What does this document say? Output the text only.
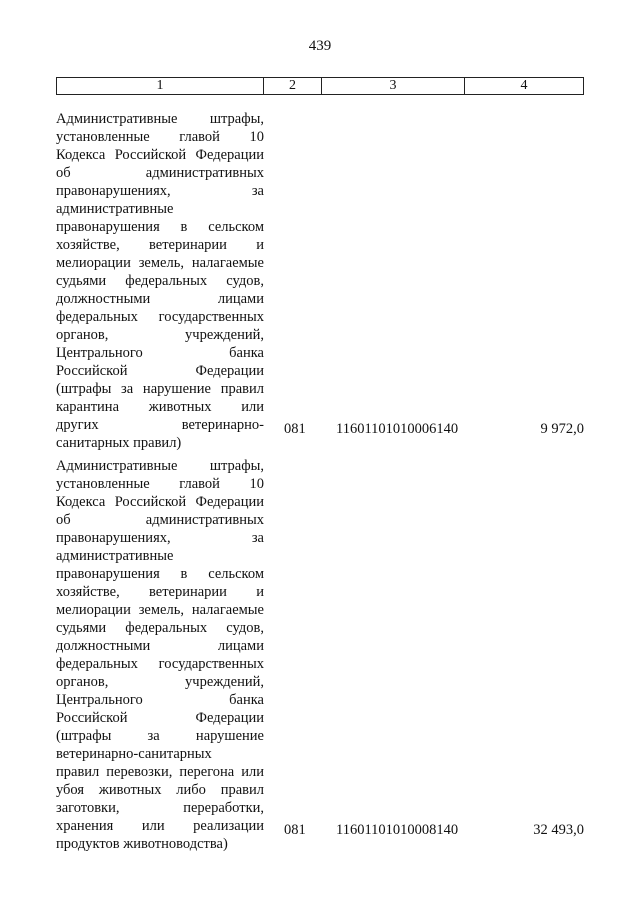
439
1	2	3	4
Административные штрафы,
установленные главой 10
Кодекса Российской Федерации
об административных
правонарушениях, за
административные
правонарушения в сельском
хозяйстве, ветеринарии и
мелиорации земель, налагаемые
судьями федеральных судов,
должностными лицами
федеральных государственных
органов, учреждений,
Центрального банка
Российской Федерации
(штрафы за нарушение правил
карантина животных или
других ветеринарно-
санитарных правил)
081 11601101010006140	9 972,0
Административные штрафы,
установленные главой 10
Кодекса Российской Федерации
об административных
правонарушениях, за
административные
правонарушения в сельском
хозяйстве, ветеринарии и
мелиорации земель, налагаемые
судьями федеральных судов,
должностными лицами
федеральных государственных
органов, учреждений,
Центрального банка
Российской Федерации
(штрафы за нарушение
ветеринарно-санитарных
правил перевозки, перегона или
убоя животных либо правил
заготовки, переработки,
хранения или реализации
продуктов животноводства)
081 11601101010008140	32 493,0
